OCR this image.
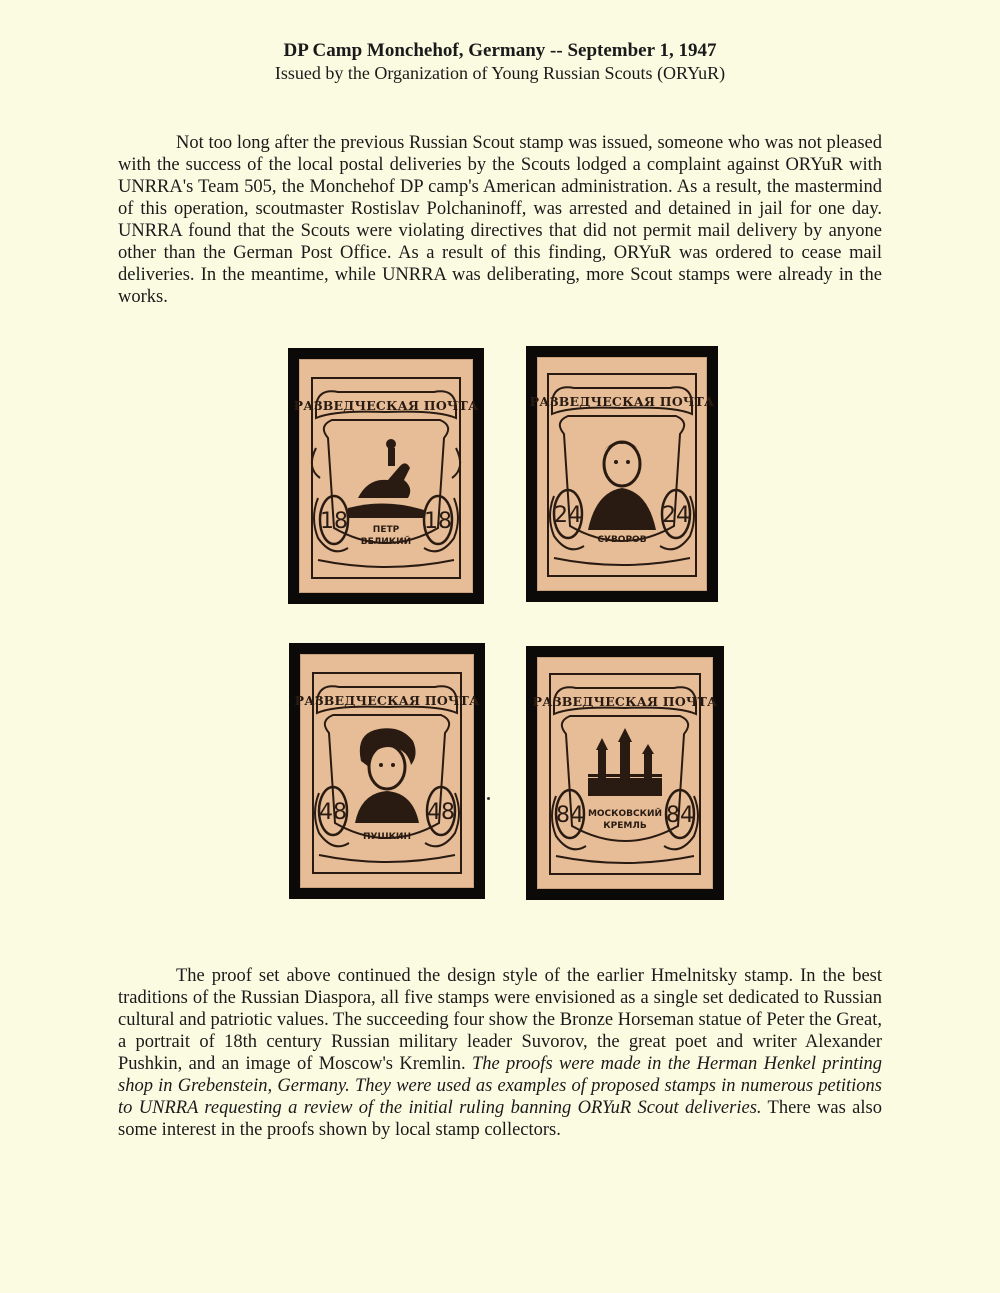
DP Camp Monchehof, Germany -- September 1, 1947
Issued by the Organization of Young Russian Scouts (ORYuR)

Not too long after the previous Russian Scout stamp was issued, someone who was not pleased with the success of the local postal deliveries by the Scouts lodged a complaint against ORYuR with UNRRA's Team 505, the Monchehof DP camp's American administration. As a result, the mastermind of this operation, scoutmaster Rostislav Polchaninoff, was arrested and detained in jail for one day. UNRRA found that the Scouts were violating directives that did not permit mail delivery by anyone other than the German Post Office. As a result of this finding, ORYuR was ordered to cease mail deliveries. In the meantime, while UNRRA was deliberating, more Scout stamps were already in the works.

РАЗВЕДЧЕСКАЯ ПОЧТА
18	18
ПЕТР
ВЕЛИКИЙ
РАЗВЕДЧЕСКАЯ ПОЧТА
24	24
СУВОРОВ
РАЗВЕДЧЕСКАЯ ПОЧТА
48	48
ПУШКИН
РАЗВЕДЧЕСКАЯ ПОЧТА
84	84
МОСКОВСКИЙ
КРЕМЛЬ

The proof set above continued the design style of the earlier Hmelnitsky stamp. In the best traditions of the Russian Diaspora, all five stamps were envisioned as a single set dedicated to Russian cultural and patriotic values. The succeeding four show the Bronze Horseman statue of Peter the Great, a portrait of 18th century Russian military leader Suvorov, the great poet and writer Alexander Pushkin, and an image of Moscow's Kremlin. The proofs were made in the Herman Henkel printing shop in Grebenstein, Germany. They were used as examples of proposed stamps in numerous petitions to UNRRA requesting a review of the initial ruling banning ORYuR Scout deliveries. There was also some interest in the proofs shown by local stamp collectors.
